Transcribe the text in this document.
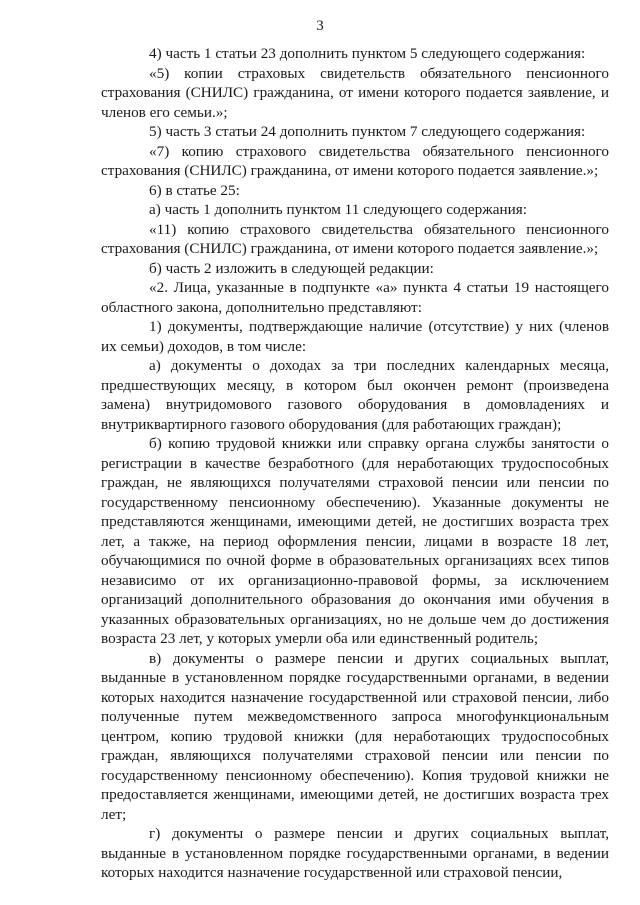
3

4) часть 1 статьи 23 дополнить пунктом 5 следующего содержания:

«5) копии страховых свидетельств обязательного пенсионного страхования (СНИЛС) гражданина, от имени которого подается заявление, и членов его семьи.»;

5) часть 3 статьи 24 дополнить пунктом 7 следующего содержания:

«7) копию страхового свидетельства обязательного пенсионного страхования (СНИЛС) гражданина, от имени которого подается заявление.»;

6) в статье 25:

а) часть 1 дополнить пунктом 11 следующего содержания:

«11) копию страхового свидетельства обязательного пенсионного страхования (СНИЛС) гражданина, от имени которого подается заявление.»;

б) часть 2 изложить в следующей редакции:

«2. Лица, указанные в подпункте «а» пункта 4 статьи 19 настоящего областного закона, дополнительно представляют:

1) документы, подтверждающие наличие (отсутствие) у них (членов их семьи) доходов, в том числе:

а) документы о доходах за три последних календарных месяца, предшествующих месяцу, в котором был окончен ремонт (произведена замена) внутридомового газового оборудования в домовладениях и внутриквартирного газового оборудования (для работающих граждан);

б) копию трудовой книжки или справку органа службы занятости о регистрации в качестве безработного (для неработающих трудоспособных граждан, не являющихся получателями страховой пенсии или пенсии по государственному пенсионному обеспечению). Указанные документы не представляются женщинами, имеющими детей, не достигших возраста трех лет, а также, на период оформления пенсии, лицами в возрасте 18 лет, обучающимися по очной форме в образовательных организациях всех типов независимо от их организационно-правовой формы, за исключением организаций дополнительного образования до окончания ими обучения в указанных образовательных организациях, но не дольше чем до достижения возраста 23 лет, у которых умерли оба или единственный родитель;

в) документы о размере пенсии и других социальных выплат, выданные в установленном порядке государственными органами, в ведении которых находится назначение государственной или страховой пенсии, либо полученные путем межведомственного запроса многофункциональным центром, копию трудовой книжки (для неработающих трудоспособных граждан, являющихся получателями страховой пенсии или пенсии по государственному пенсионному обеспечению). Копия трудовой книжки не предоставляется женщинами, имеющими детей, не достигших возраста трех лет;

г) документы о размере пенсии и других социальных выплат, выданные в установленном порядке государственными органами, в ведении которых находится назначение государственной или страховой пенсии,
